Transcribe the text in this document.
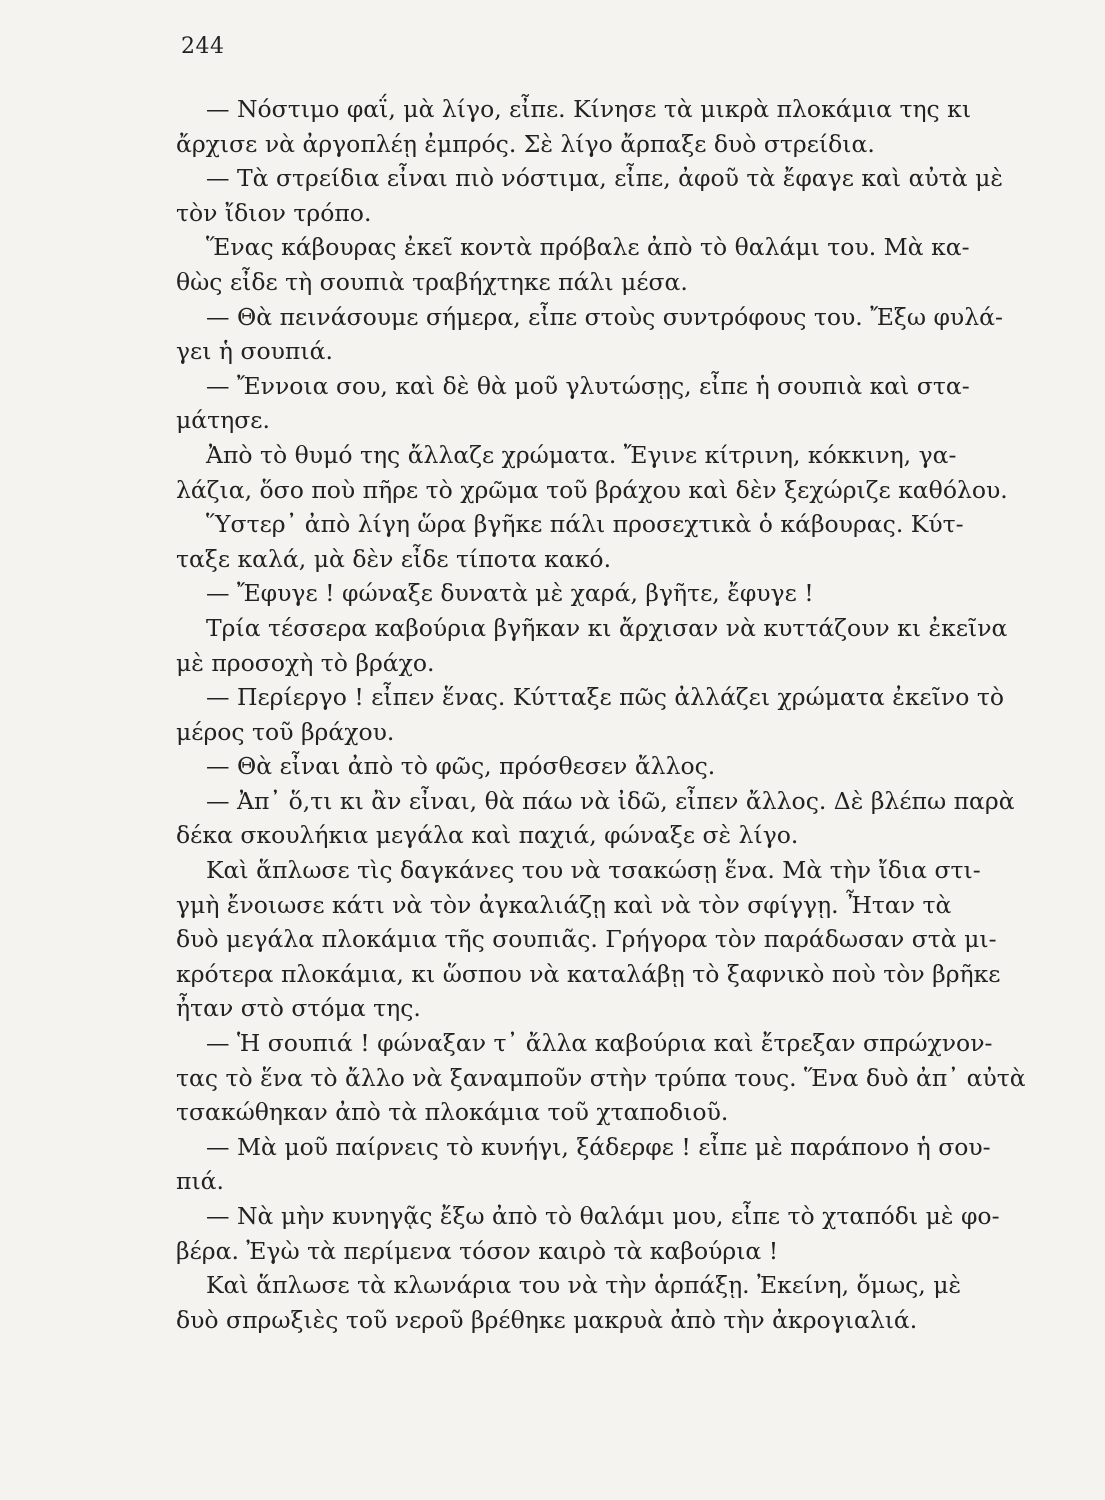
244
— Νόστιμο φαΐ, μὰ λίγο, εἶπε. Κίνησε τὰ μικρὰ πλοκάμια της κι
ἄρχισε νὰ ἀργοπλέῃ ἐμπρός. Σὲ λίγο ἄρπαξε δυὸ στρείδια.
— Τὰ στρείδια εἶναι πιὸ νόστιμα, εἶπε, ἀφοῦ τὰ ἔφαγε καὶ αὐτὰ μὲ
τὸν ἴδιον τρόπο.
Ἕνας κάβουρας ἐκεῖ κοντὰ πρόβαλε ἀπὸ τὸ θαλάμι του. Μὰ κα-
θὼς εἶδε τὴ σουπιὰ τραβήχτηκε πάλι μέσα.
— Θὰ πεινάσουμε σήμερα, εἶπε στοὺς συντρόφους του. Ἔξω φυλά-
γει ἡ σουπιά.
— Ἔννοια σου, καὶ δὲ θὰ μοῦ γλυτώσῃς, εἶπε ἡ σουπιὰ καὶ στα-
μάτησε.
Ἀπὸ τὸ θυμό της ἄλλαζε χρώματα. Ἔγινε κίτρινη, κόκκινη, γα-
λάζια, ὅσο ποὺ πῆρε τὸ χρῶμα τοῦ βράχου καὶ δὲν ξεχώριζε καθόλου.
Ὕστερ᾽ ἀπὸ λίγη ὥρα βγῆκε πάλι προσεχτικὰ ὁ κάβουρας. Κύτ-
ταξε καλά, μὰ δὲν εἶδε τίποτα κακό.
— Ἔφυγε ! φώναξε δυνατὰ μὲ χαρά, βγῆτε, ἔφυγε !
Τρία τέσσερα καβούρια βγῆκαν κι ἄρχισαν νὰ κυττάζουν κι ἐκεῖνα
μὲ προσοχὴ τὸ βράχο.
— Περίεργο ! εἶπεν ἕνας. Κύτταξε πῶς ἀλλάζει χρώματα ἐκεῖνο τὸ
μέρος τοῦ βράχου.
— Θὰ εἶναι ἀπὸ τὸ φῶς, πρόσθεσεν ἄλλος.
— Ἀπ᾽ ὅ,τι κι ἂν εἶναι, θὰ πάω νὰ ἰδῶ, εἶπεν ἄλλος. Δὲ βλέπω παρὰ
δέκα σκουλήκια μεγάλα καὶ παχιά, φώναξε σὲ λίγο.
Καὶ ἅπλωσε τὶς δαγκάνες του νὰ τσακώσῃ ἕνα. Μὰ τὴν ἴδια στι-
γμὴ ἔνοιωσε κάτι νὰ τὸν ἀγκαλιάζῃ καὶ νὰ τὸν σφίγγῃ. Ἦταν τὰ
δυὸ μεγάλα πλοκάμια τῆς σουπιᾶς. Γρήγορα τὸν παράδωσαν στὰ μι-
κρότερα πλοκάμια, κι ὥσπου νὰ καταλάβῃ τὸ ξαφνικὸ ποὺ τὸν βρῆκε
ἦταν στὸ στόμα της.
— Ἡ σουπιά ! φώναξαν τ᾽ ἄλλα καβούρια καὶ ἔτρεξαν σπρώχνον-
τας τὸ ἕνα τὸ ἄλλο νὰ ξαναμποῦν στὴν τρύπα τους. Ἕνα δυὸ ἀπ᾽ αὐτὰ
τσακώθηκαν ἀπὸ τὰ πλοκάμια τοῦ χταποδιοῦ.
— Μὰ μοῦ παίρνεις τὸ κυνήγι, ξάδερφε ! εἶπε μὲ παράπονο ἡ σου-
πιά.
— Νὰ μὴν κυνηγᾷς ἔξω ἀπὸ τὸ θαλάμι μου, εἶπε τὸ χταπόδι μὲ φο-
βέρα. Ἐγὼ τὰ περίμενα τόσον καιρὸ τὰ καβούρια !
Καὶ ἅπλωσε τὰ κλωνάρια του νὰ τὴν ἁρπάξῃ. Ἐκείνη, ὅμως, μὲ
δυὸ σπρωξιὲς τοῦ νεροῦ βρέθηκε μακρυὰ ἀπὸ τὴν ἀκρογιαλιά.
